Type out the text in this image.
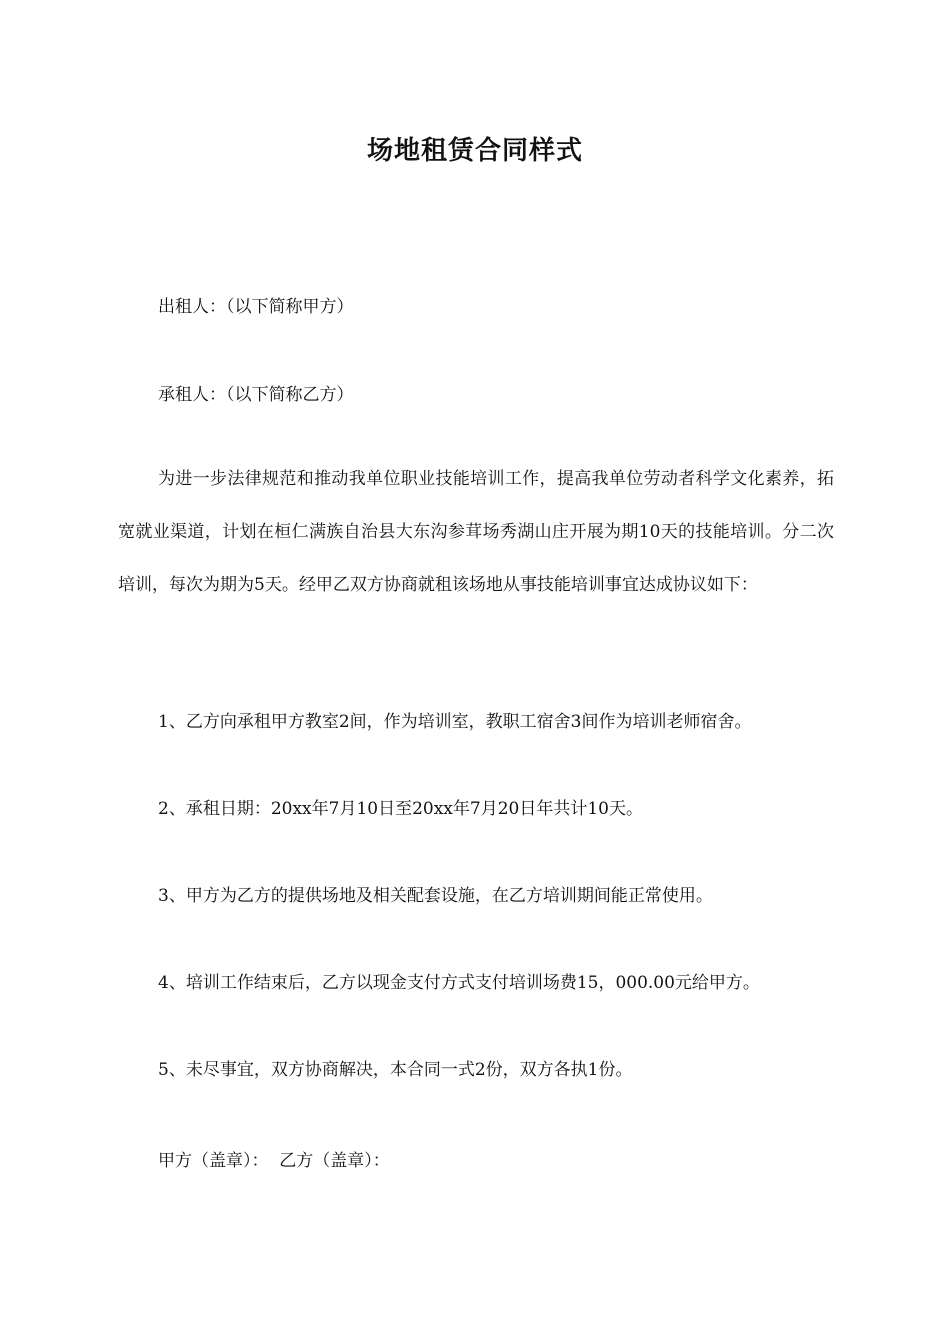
场地租赁合同样式
出租人：（以下简称甲方）
承租人：（以下简称乙方）
为进一步法律规范和推动我单位职业技能培训工作，提高我单位劳动者科学文化素养，拓宽就业渠道，计划在桓仁满族自治县大东沟参茸场秀湖山庄开展为期10天的技能培训。分二次培训，每次为期为5天。经甲乙双方协商就租该场地从事技能培训事宜达成协议如下：
1、乙方向承租甲方教室2间，作为培训室，教职工宿舍3间作为培训老师宿舍。
2、承租日期：20xx年7月10日至20xx年7月20日年共计10天。
3、甲方为乙方的提供场地及相关配套设施，在乙方培训期间能正常使用。
4、培训工作结束后，乙方以现金支付方式支付培训场费15，000.00元给甲方。
5、未尽事宜，双方协商解决，本合同一式2份，双方各执1份。
甲方（盖章）：  乙方（盖章）：
